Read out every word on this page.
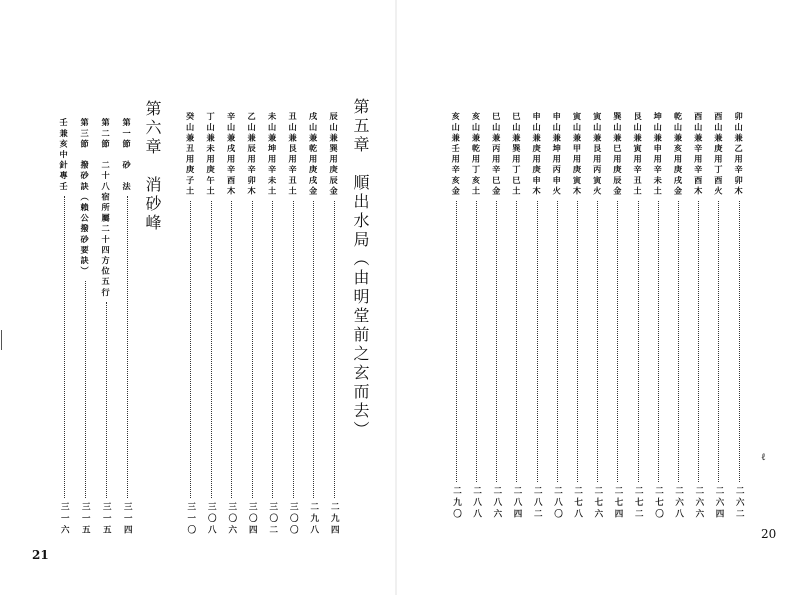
第五章　順出水局（由明堂前之玄而去）
辰山兼巽用庚辰金
二九四
戌山兼乾用庚戌金
二九八
丑山兼艮用辛丑土
三〇〇
未山兼坤用辛未土
三〇二
乙山兼辰用辛卯木
三〇四
辛山兼戌用辛酉木
三〇六
丁山兼未用庚午土
三〇八
癸山兼丑用庚子土
三一〇
第六章　消砂峰
第一節　砂　法
三一四
第二節　二十八宿所屬二十四方位五行
三一五
第三節　撥砂訣（賴公撥砂要訣）
三一五
壬兼亥中針專壬
三一六
21
卯山兼乙用辛卯木
二六二
酉山兼庚用丁酉火
二六四
酉山兼辛用辛酉木
二六六
乾山兼亥用庚戌金
二六八
坤山兼申用辛未土
二七〇
艮山兼寅用辛丑土
二七二
巽山兼巳用庚辰金
二七四
寅山兼艮用丙寅火
二七六
寅山兼甲用庚寅木
二七八
申山兼坤用丙申火
二八〇
申山兼庚用庚申木
二八二
巳山兼巽用丁巳土
二八四
巳山兼丙用辛巳金
二八六
亥山兼乾用丁亥土
二八八
亥山兼壬用辛亥金
二九〇
ℓ
20
